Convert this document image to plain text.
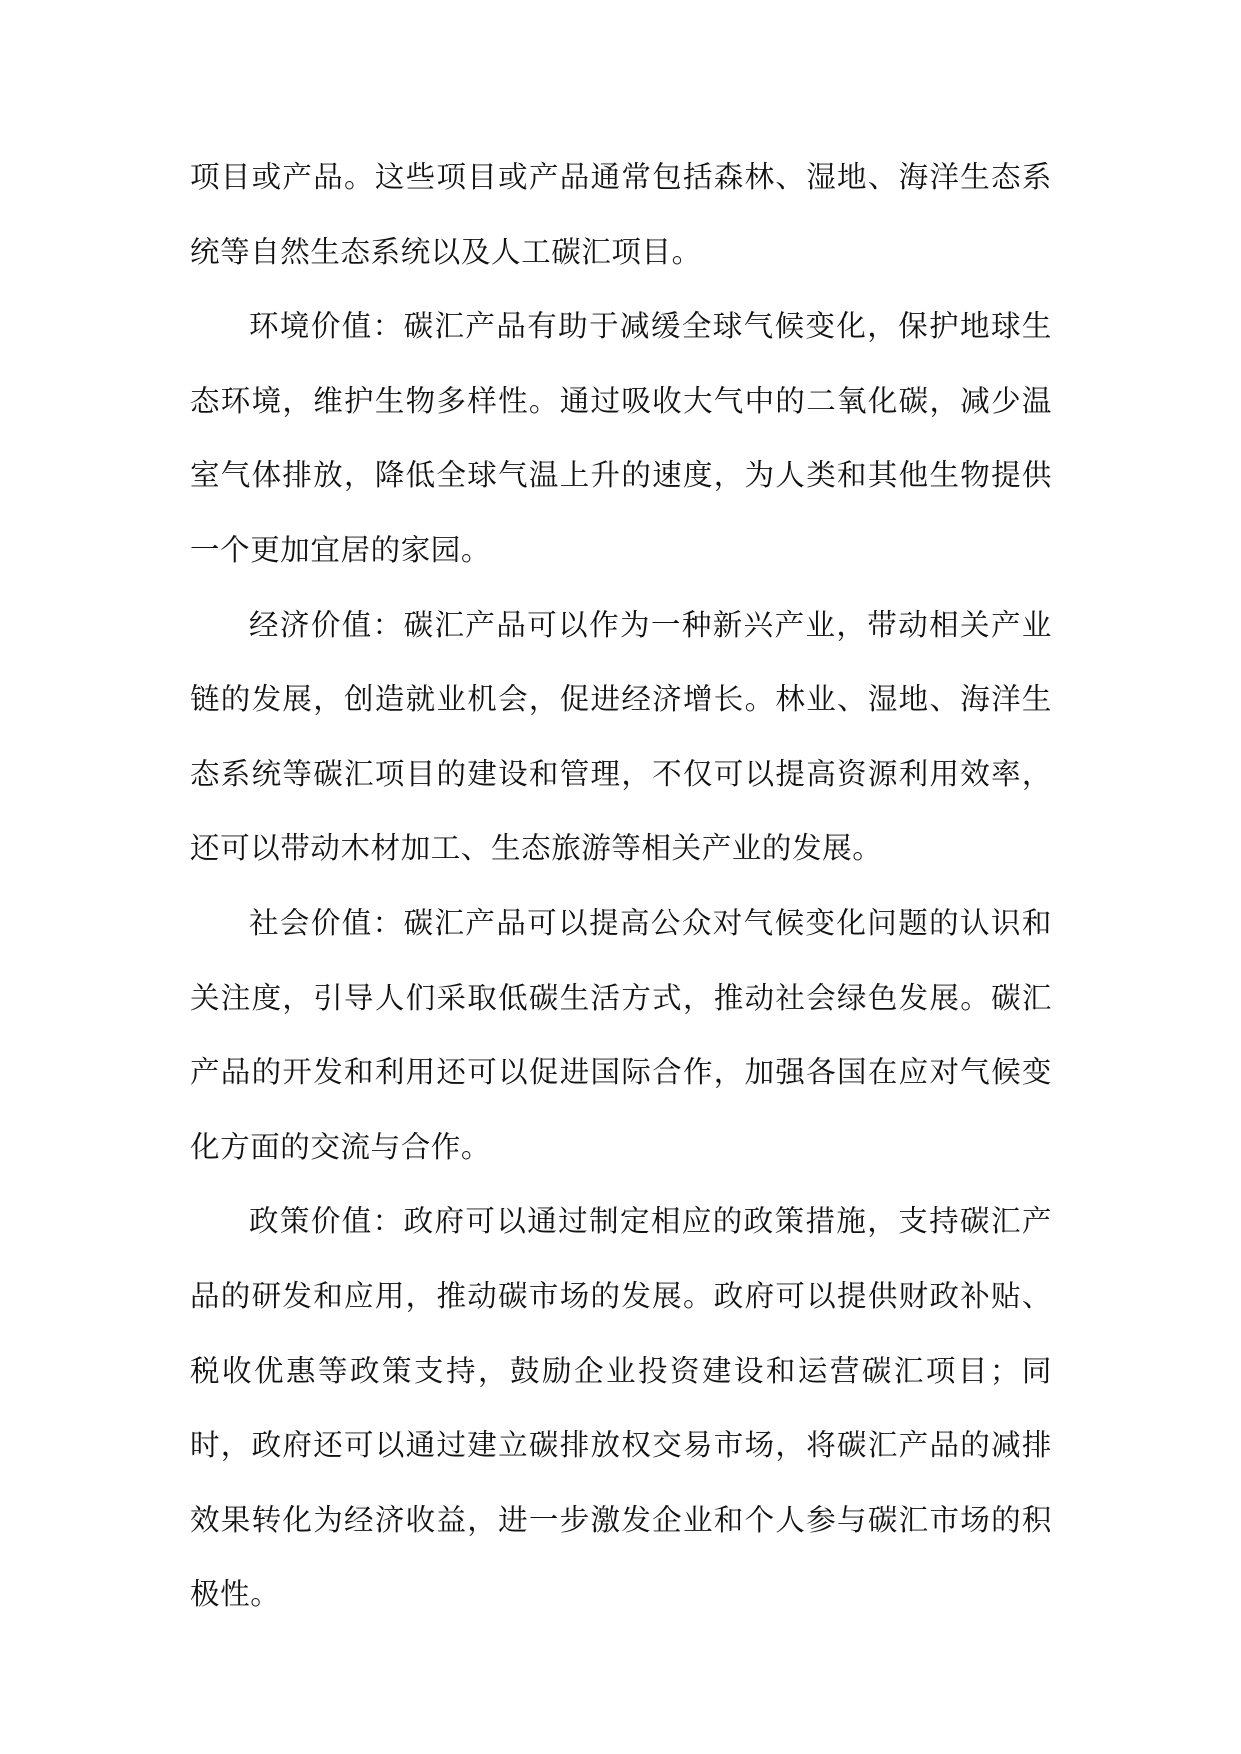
项目或产品。这些项目或产品通常包括森林、湿地、海洋生态系统等自然生态系统以及人工碳汇项目。

环境价值：碳汇产品有助于减缓全球气候变化，保护地球生态环境，维护生物多样性。通过吸收大气中的二氧化碳，减少温室气体排放，降低全球气温上升的速度，为人类和其他生物提供一个更加宜居的家园。

经济价值：碳汇产品可以作为一种新兴产业，带动相关产业链的发展，创造就业机会，促进经济增长。林业、湿地、海洋生态系统等碳汇项目的建设和管理，不仅可以提高资源利用效率，还可以带动木材加工、生态旅游等相关产业的发展。

社会价值：碳汇产品可以提高公众对气候变化问题的认识和关注度，引导人们采取低碳生活方式，推动社会绿色发展。碳汇产品的开发和利用还可以促进国际合作，加强各国在应对气候变化方面的交流与合作。

政策价值：政府可以通过制定相应的政策措施，支持碳汇产品的研发和应用，推动碳市场的发展。政府可以提供财政补贴、税收优惠等政策支持，鼓励企业投资建设和运营碳汇项目；同时，政府还可以通过建立碳排放权交易市场，将碳汇产品的减排效果转化为经济收益，进一步激发企业和个人参与碳汇市场的积极性。
